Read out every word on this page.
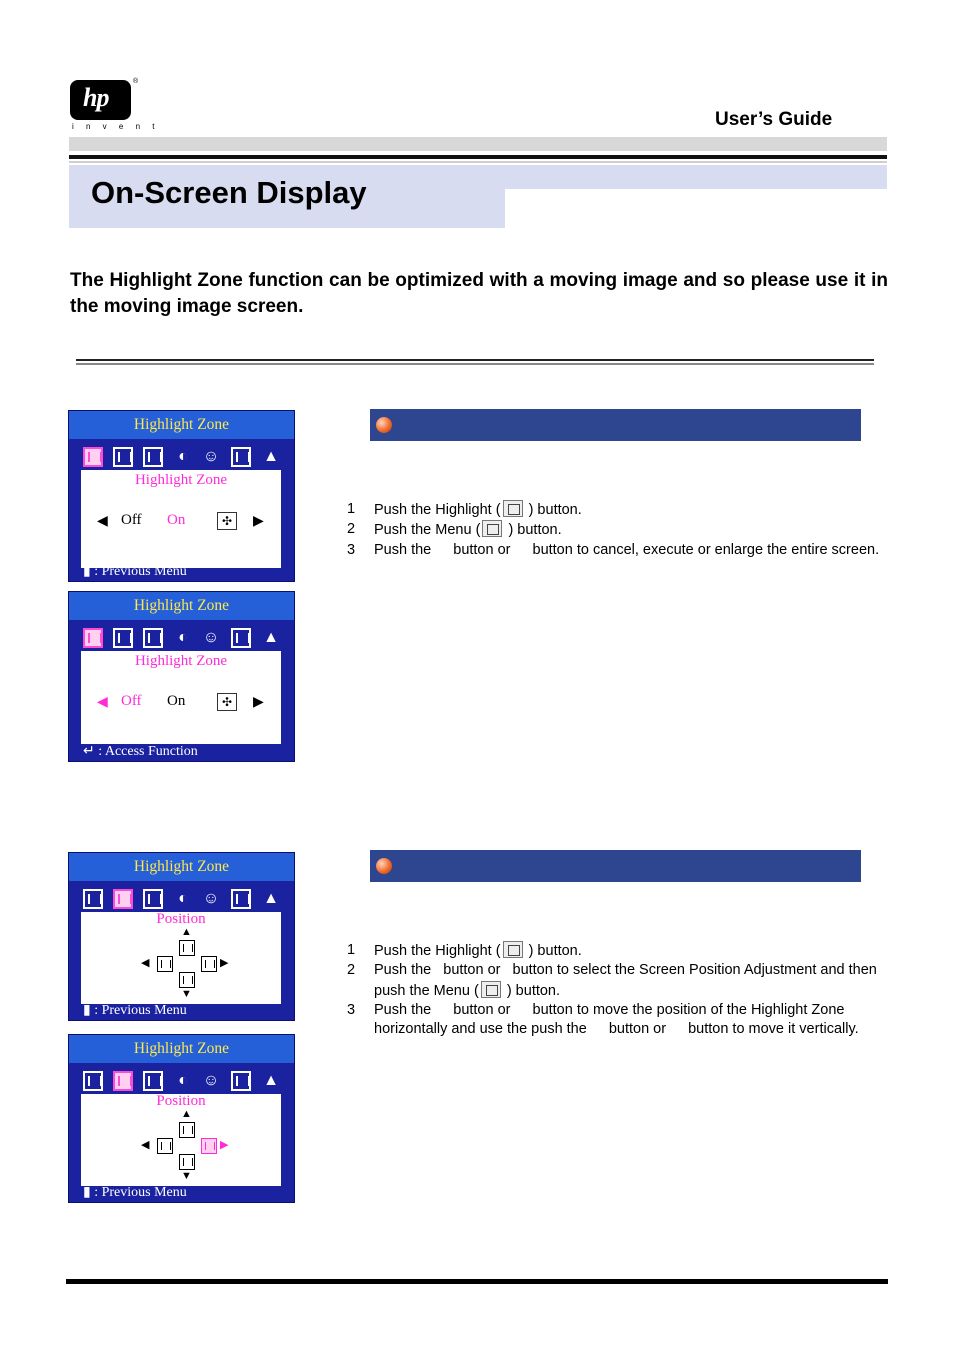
hp
®
i n v e n t	User’s Guide
On-Screen Display
The Highlight Zone function can be optimized with a moving image and so please use it in the moving image screen.
Highlight Zone
◐ ☺	▲
Highlight Zone
◀ Off On	✣	▶
▮ : Previous Menu
Highlight Zone
◐ ☺	▲
Highlight Zone
◀ Off On	✣	▶
↵ : Access Function
1 Push the Highlight ( ) button.
2 Push the Menu ( ) button.
3 Push the button or button to cancel, execute or enlarge the entire screen.
Highlight Zone
◐ ☺	▲
Position
▲
◀	▶
▼
▮ : Previous Menu
Highlight Zone
◐ ☺	▲
Position
▲
◀	▶
▼
▮ : Previous Menu
1 Push the Highlight ( ) button.
2 Push the button or button to select the Screen Position Adjustment and then push the Menu ( ) button.
3 Push the button or button to move the position of the Highlight Zone horizontally and use the push the button or button to move it vertically.
